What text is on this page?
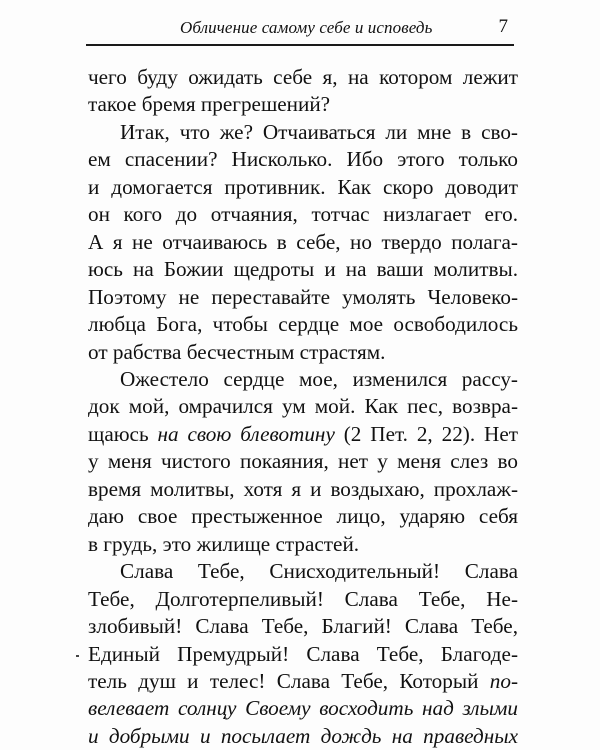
Обличение самому себе и исповедь	7
чего буду ожидать себе я, на котором лежит
такое бремя прегрешений?
Итак, что же? Отчаиваться ли мне в сво-
ем спасении? Нисколько. Ибо этого только
и домогается противник. Как скоро доводит
он кого до отчаяния, тотчас низлагает его.
А я не отчаиваюсь в себе, но твердо полага-
юсь на Божии щедроты и на ваши молитвы.
Поэтому не переставайте умолять Человеко-
любца Бога, чтобы сердце мое освободилось
от рабства бесчестным страстям.
Ожестело сердце мое, изменился рассу-
док мой, омрачился ум мой. Как пес, возвра-
щаюсь на свою блевотину (2 Пет. 2, 22). Нет
у меня чистого покаяния, нет у меня слез во
время молитвы, хотя я и воздыхаю, прохлаж-
даю свое престыженное лицо, ударяю себя
в грудь, это жилище страстей.
Слава Тебе, Снисходительный! Слава
Тебе, Долготерпеливый! Слава Тебе, Не-
злобивый! Слава Тебе, Благий! Слава Тебе,
Единый Премудрый! Слава Тебе, Благоде-
тель душ и телес! Слава Тебе, Который по-
велевает солнцу Своему восходить над злыми
и добрыми и посылает дождь на праведных
